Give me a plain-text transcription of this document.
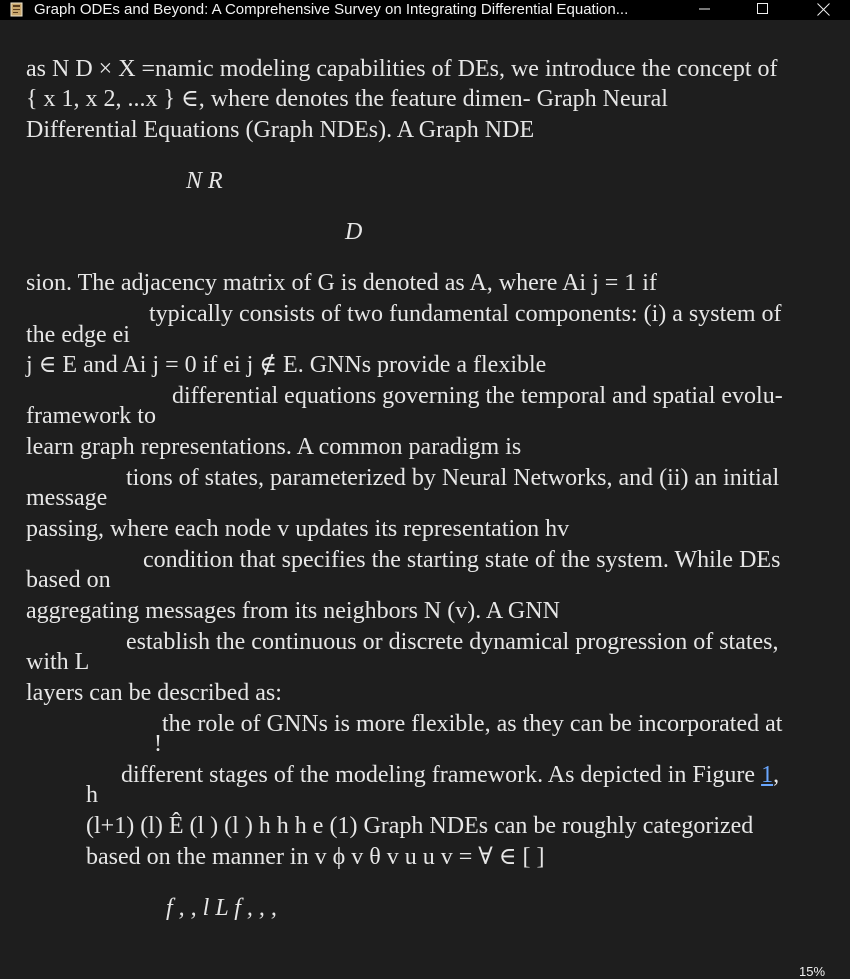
Graph ODEs and Beyond: A Comprehensive Survey on Integrating Differential Equation...
as N D × X =namic modeling capabilities of DEs, we introduce the concept of
{ x 1, x 2, ...x } ∈, where denotes the feature dimen- Graph Neural
Differential Equations (Graph NDEs). A Graph NDE
N R
D
sion. The adjacency matrix of G is denoted as A, where Ai j = 1 if
typically consists of two fundamental components: (i) a system of
the edge ei
j ∈ E and Ai j = 0 if ei j ∉ E. GNNs provide a flexible
differential equations governing the temporal and spatial evolu-
framework to
learn graph representations. A common paradigm is
tions of states, parameterized by Neural Networks, and (ii) an initial
message
passing, where each node v updates its representation hv
condition that specifies the starting state of the system. While DEs
based on
aggregating messages from its neighbors N (v). A GNN
establish the continuous or discrete dynamical progression of states,
with L
layers can be described as:
the role of GNNs is more flexible, as they can be incorporated at
!
different stages of the modeling framework. As depicted in Figure 1,
h
(l+1) (l) Ê (l ) (l ) h h h e (1) Graph NDEs can be roughly categorized
based on the manner in v ϕ v θ v u u v = ∀ ∈ [ ]
f , , l L f , , ,
15%
